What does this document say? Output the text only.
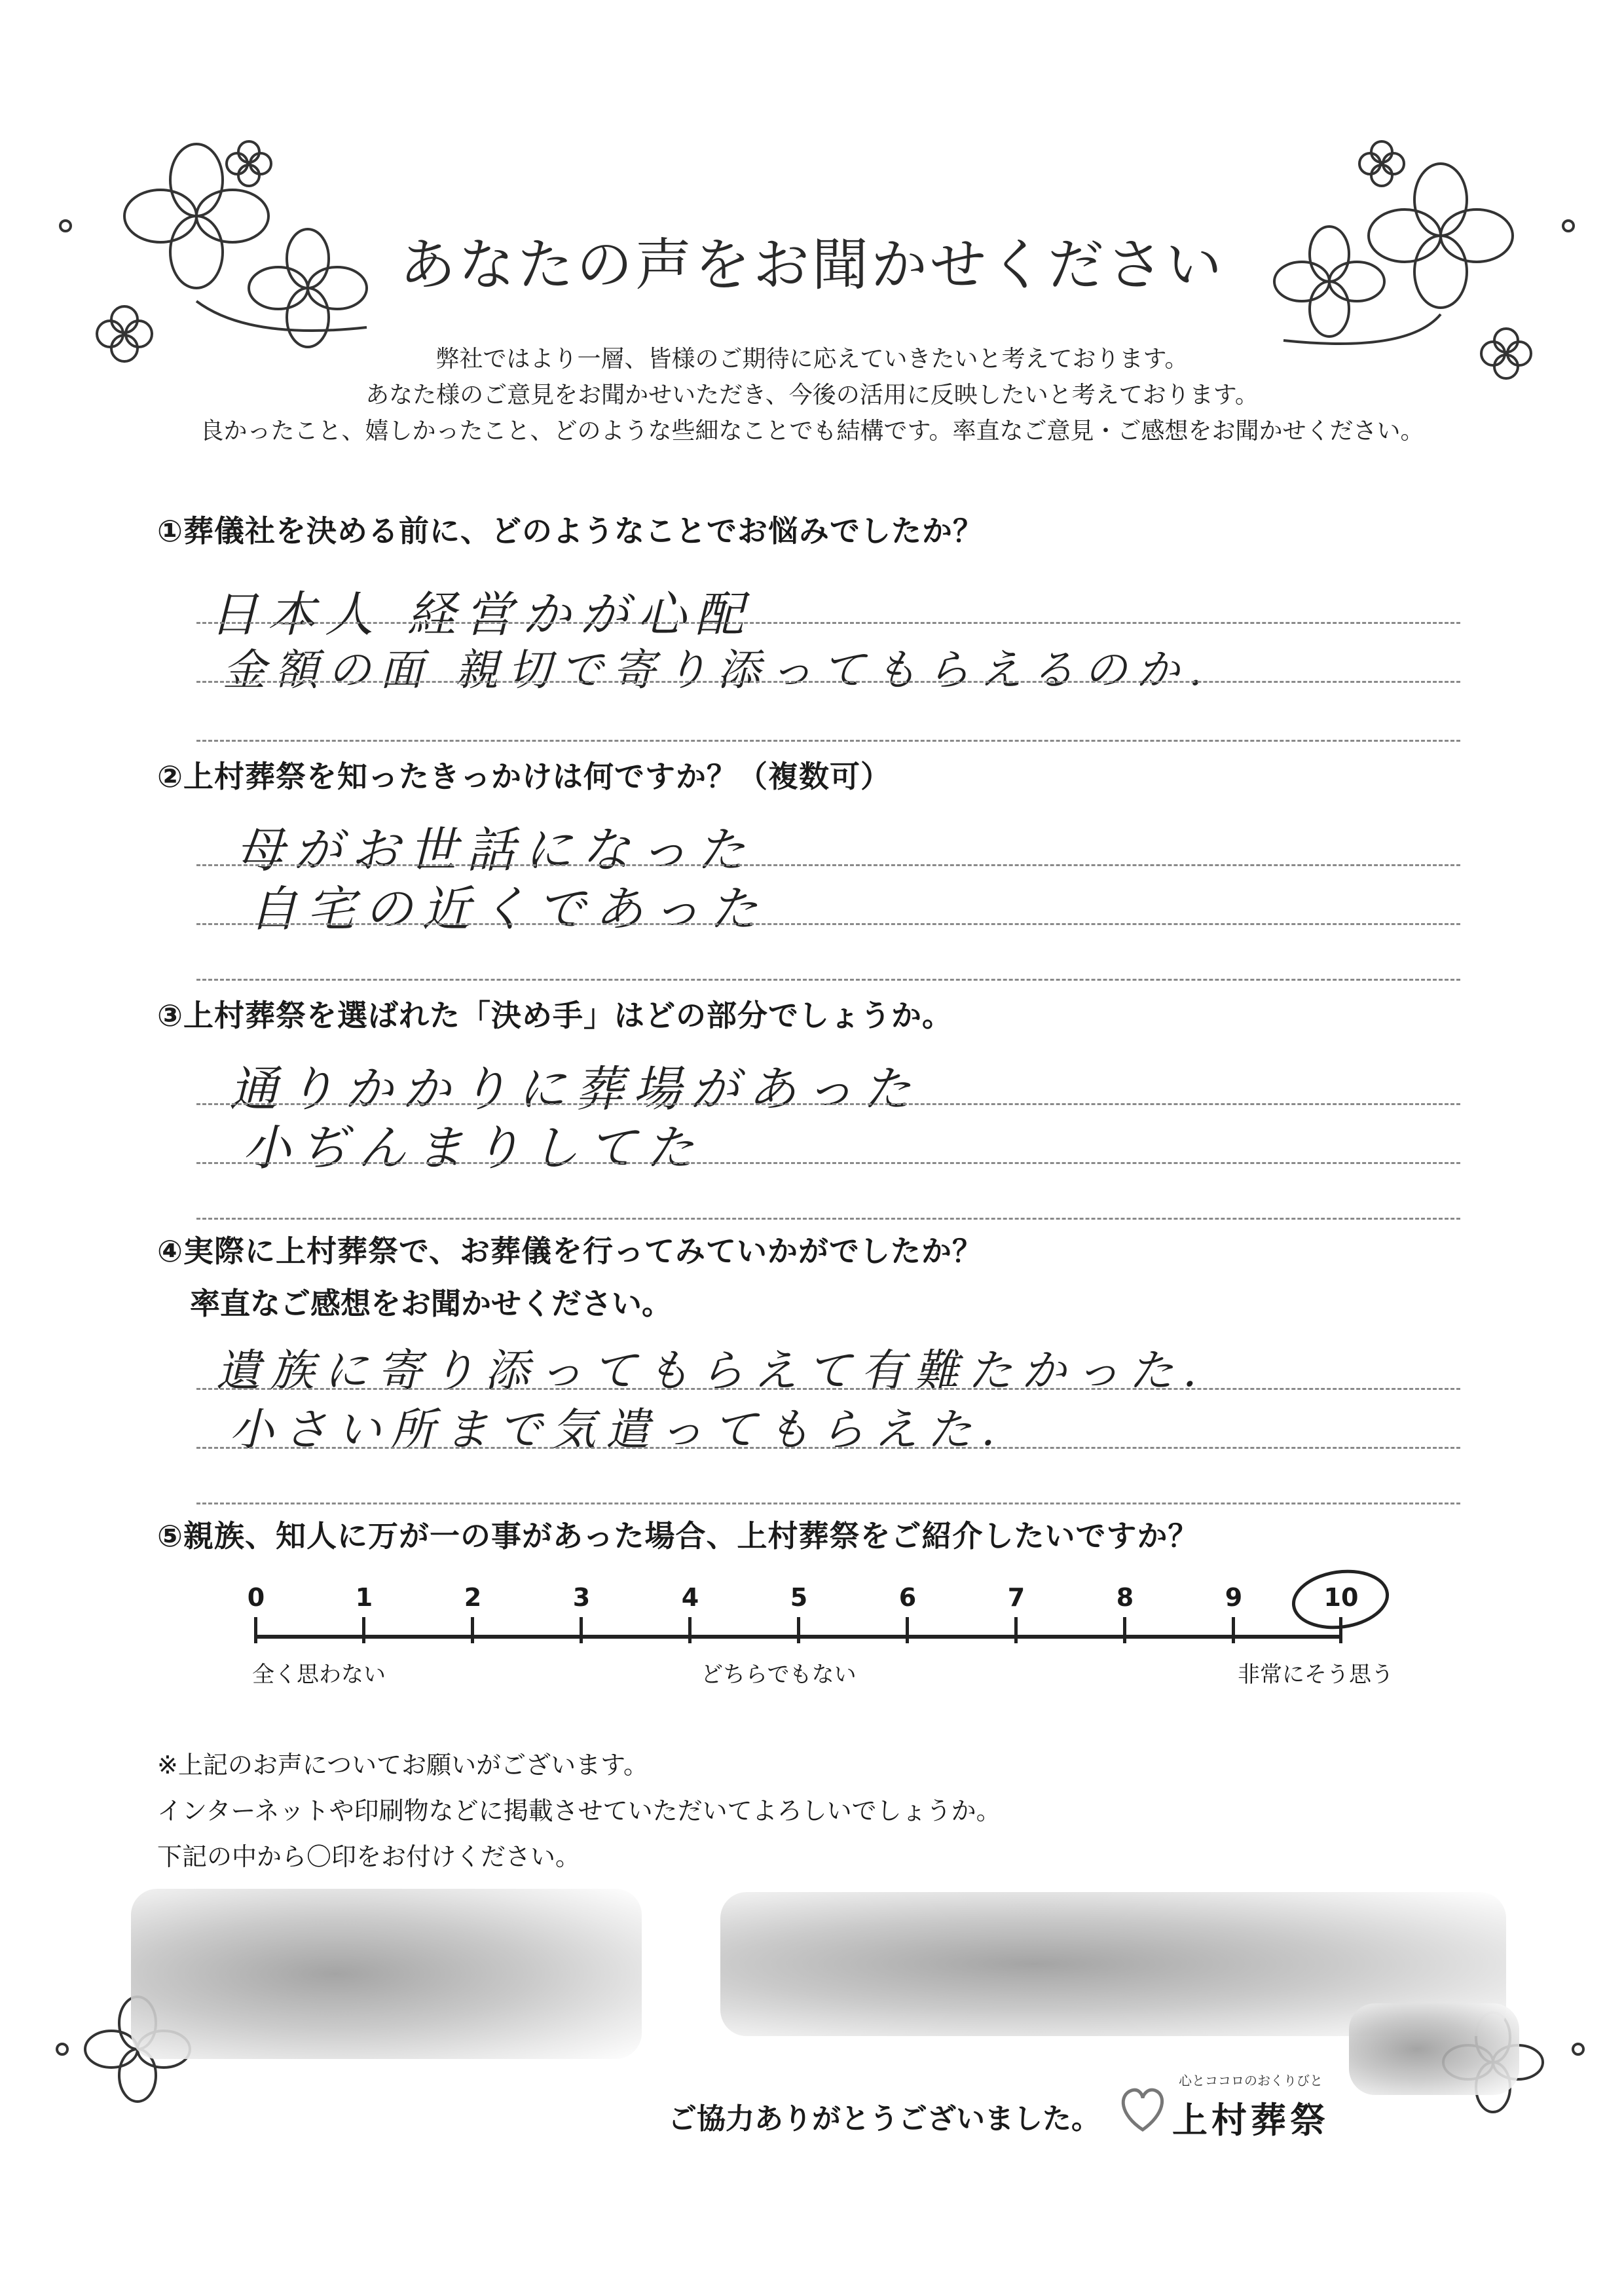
あなたの声をお聞かせください
弊社ではより一層、皆様のご期待に応えていきたいと考えております。
あなた様のご意見をお聞かせいただき、今後の活用に反映したいと考えております。
良かったこと、嬉しかったこと、どのような些細なことでも結構です。率直なご意見・ご感想をお聞かせください。
①葬儀社を決める前に、どのようなことでお悩みでしたか？
日本人 経営かが心配
金額の面 親切で寄り添ってもらえるのか.
②上村葬祭を知ったきっかけは何ですか？（複数可）
母がお世話になった
自宅の近くであった
③上村葬祭を選ばれた「決め手」はどの部分でしょうか。
通りかかりに葬場があった
小ぢんまりしてた
④実際に上村葬祭で、お葬儀を行ってみていかがでしたか？
率直なご感想をお聞かせください。
遺族に寄り添ってもらえて有難たかった.
小さい所まで気遣ってもらえた.
⑤親族、知人に万が一の事があった場合、上村葬祭をご紹介したいですか？
0	1	2	3	4	5	6	7	8	9	10
全く思わない	どちらでもない	非常にそう思う
※上記のお声についてお願いがございます。
インターネットや印刷物などに掲載させていただいてよろしいでしょうか。
下記の中から〇印をお付けください。
ご協力ありがとうございました。
心とココロのおくりびと
上村葬祭
